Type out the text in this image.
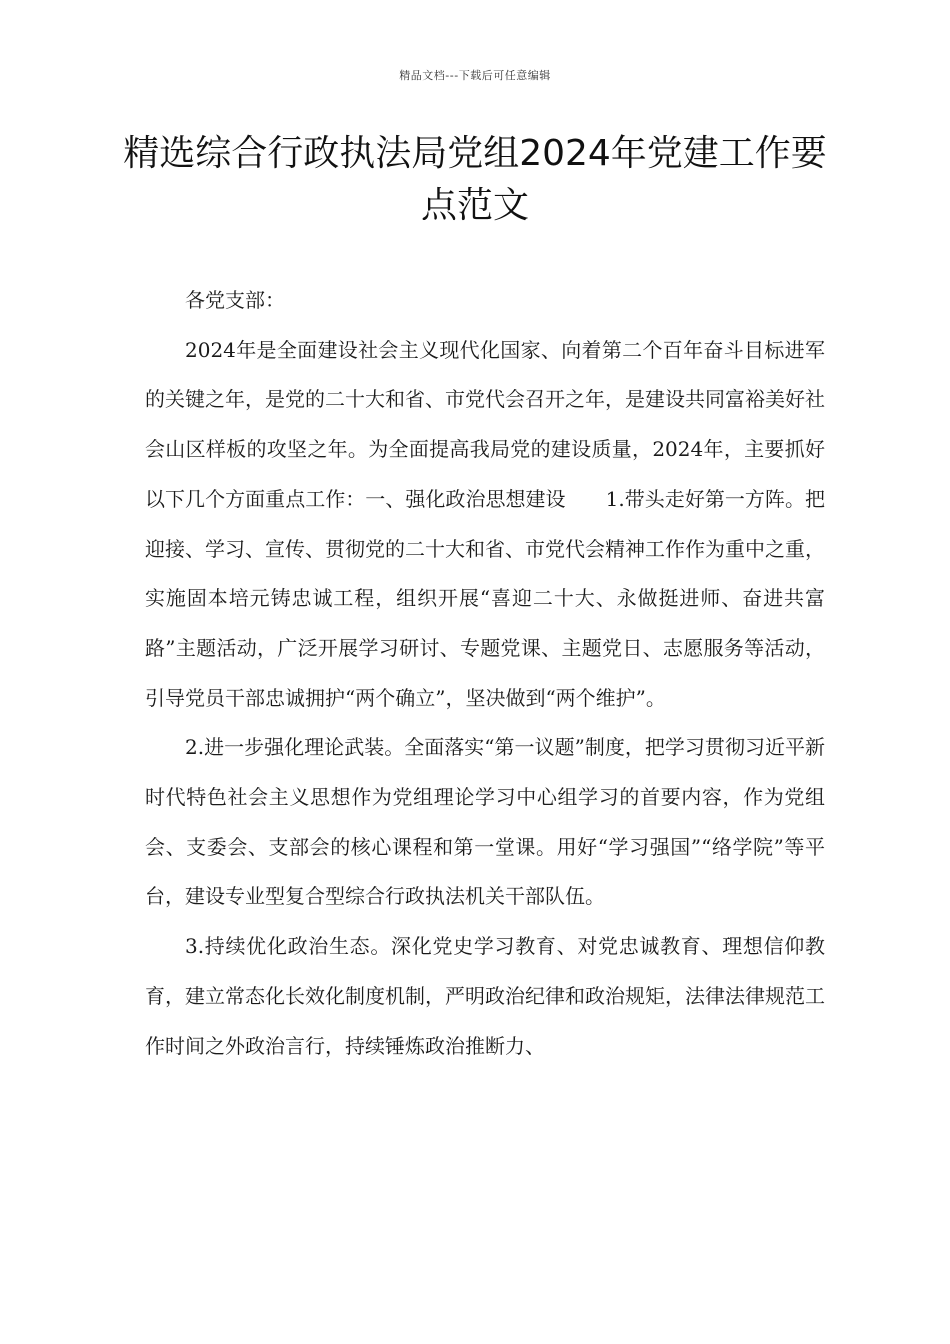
精品文档---下载后可任意编辑
精选综合行政执法局党组2024年党建工作要点范文

各党支部：

2024年是全面建设社会主义现代化国家、向着第二个百年奋斗目标进军的关键之年，是党的二十大和省、市党代会召开之年，是建设共同富裕美好社会山区样板的攻坚之年。为全面提高我局党的建设质量，2024年，主要抓好以下几个方面重点工作：一、强化政治思想建设　　1.带头走好第一方阵。把迎接、学习、宣传、贯彻党的二十大和省、市党代会精神工作作为重中之重，实施固本培元铸忠诚工程，组织开展“喜迎二十大、永做挺进师、奋进共富路”主题活动，广泛开展学习研讨、专题党课、主题党日、志愿服务等活动，引导党员干部忠诚拥护“两个确立”，坚决做到“两个维护”。

2.进一步强化理论武装。全面落实“第一议题”制度，把学习贯彻习近平新时代特色社会主义思想作为党组理论学习中心组学习的首要内容，作为党组会、支委会、支部会的核心课程和第一堂课。用好“学习强国”“络学院”等平台，建设专业型复合型综合行政执法机关干部队伍。

3.持续优化政治生态。深化党史学习教育、对党忠诚教育、理想信仰教育，建立常态化长效化制度机制，严明政治纪律和政治规矩，法律法律规范工作时间之外政治言行，持续锤炼政治推断力、
